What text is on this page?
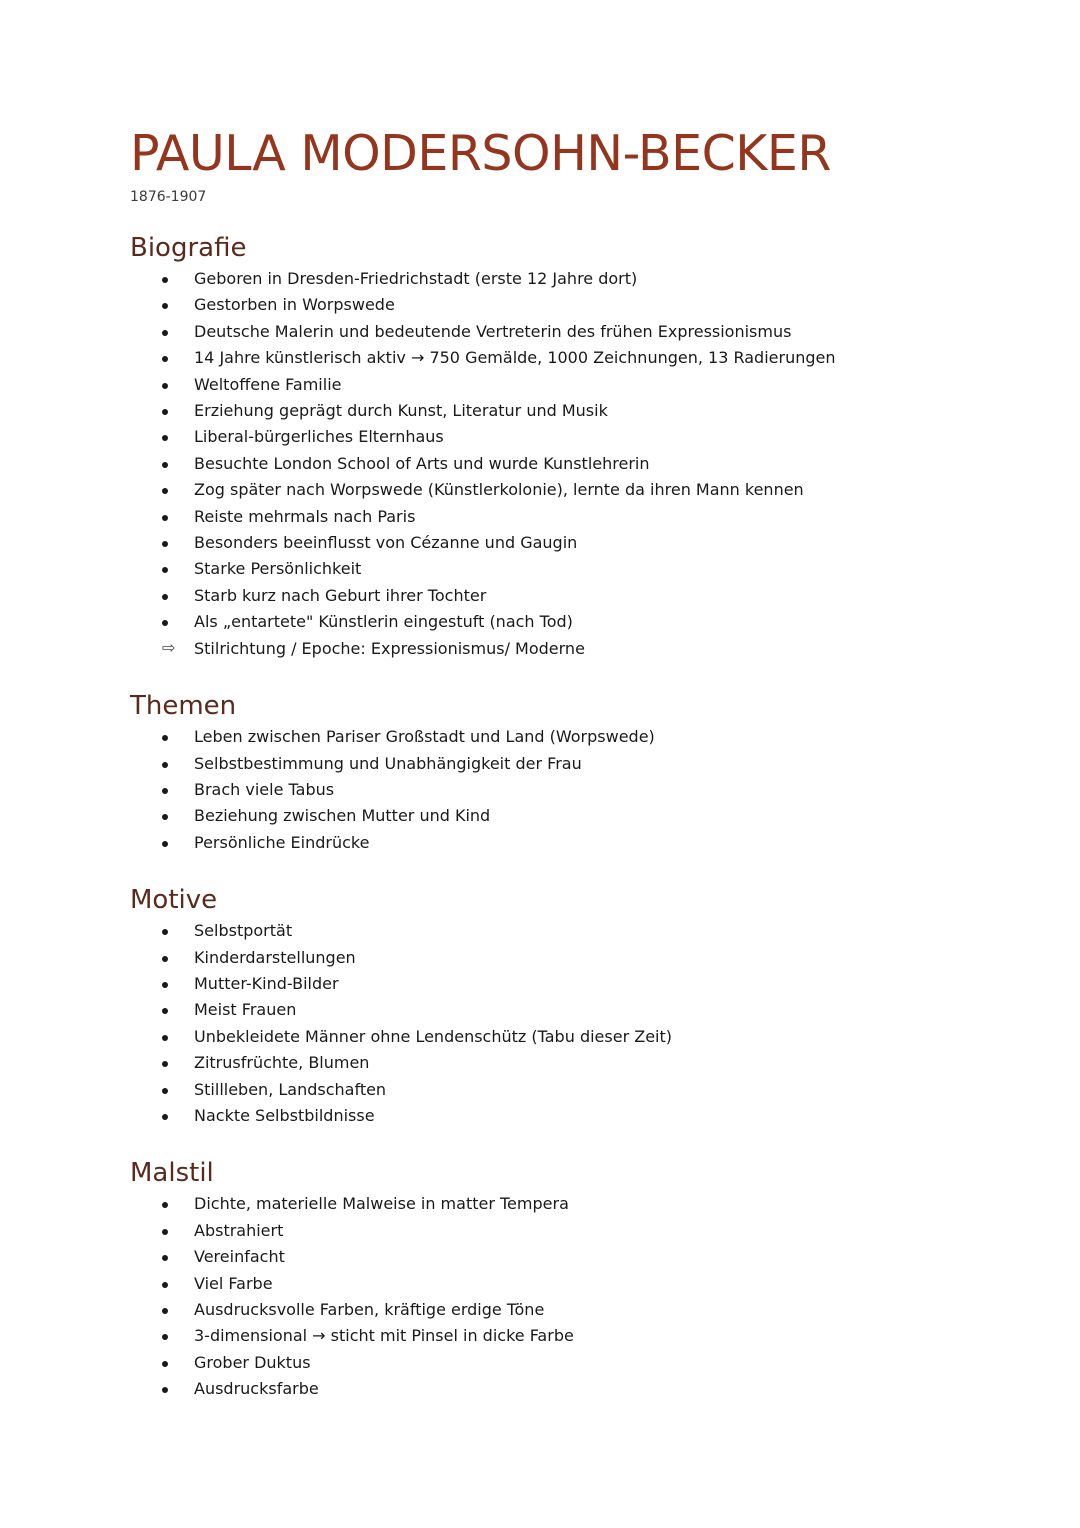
PAULA MODERSOHN-BECKER
1876-1907
Biografie
Geboren in Dresden-Friedrichstadt (erste 12 Jahre dort)
Gestorben in Worpswede
Deutsche Malerin und bedeutende Vertreterin des frühen Expressionismus
14 Jahre künstlerisch aktiv → 750 Gemälde, 1000 Zeichnungen, 13 Radierungen
Weltoffene Familie
Erziehung geprägt durch Kunst, Literatur und Musik
Liberal-bürgerliches Elternhaus
Besuchte London School of Arts und wurde Kunstlehrerin
Zog später nach Worpswede (Künstlerkolonie), lernte da ihren Mann kennen
Reiste mehrmals nach Paris
Besonders beeinflusst von Cézanne und Gaugin
Starke Persönlichkeit
Starb kurz nach Geburt ihrer Tochter
Als „entartete" Künstlerin eingestuft (nach Tod)
⇨ Stilrichtung / Epoche: Expressionismus/ Moderne
Themen
Leben zwischen Pariser Großstadt und Land (Worpswede)
Selbstbestimmung und Unabhängigkeit der Frau
Brach viele Tabus
Beziehung zwischen Mutter und Kind
Persönliche Eindrücke
Motive
Selbstportät
Kinderdarstellungen
Mutter-Kind-Bilder
Meist Frauen
Unbekleidete Männer ohne Lendenschütz (Tabu dieser Zeit)
Zitrusfrüchte, Blumen
Stillleben, Landschaften
Nackte Selbstbildnisse
Malstil
Dichte, materielle Malweise in matter Tempera
Abstrahiert
Vereinfacht
Viel Farbe
Ausdrucksvolle Farben, kräftige erdige Töne
3-dimensional → sticht mit Pinsel in dicke Farbe
Grober Duktus
Ausdrucksfarbe
